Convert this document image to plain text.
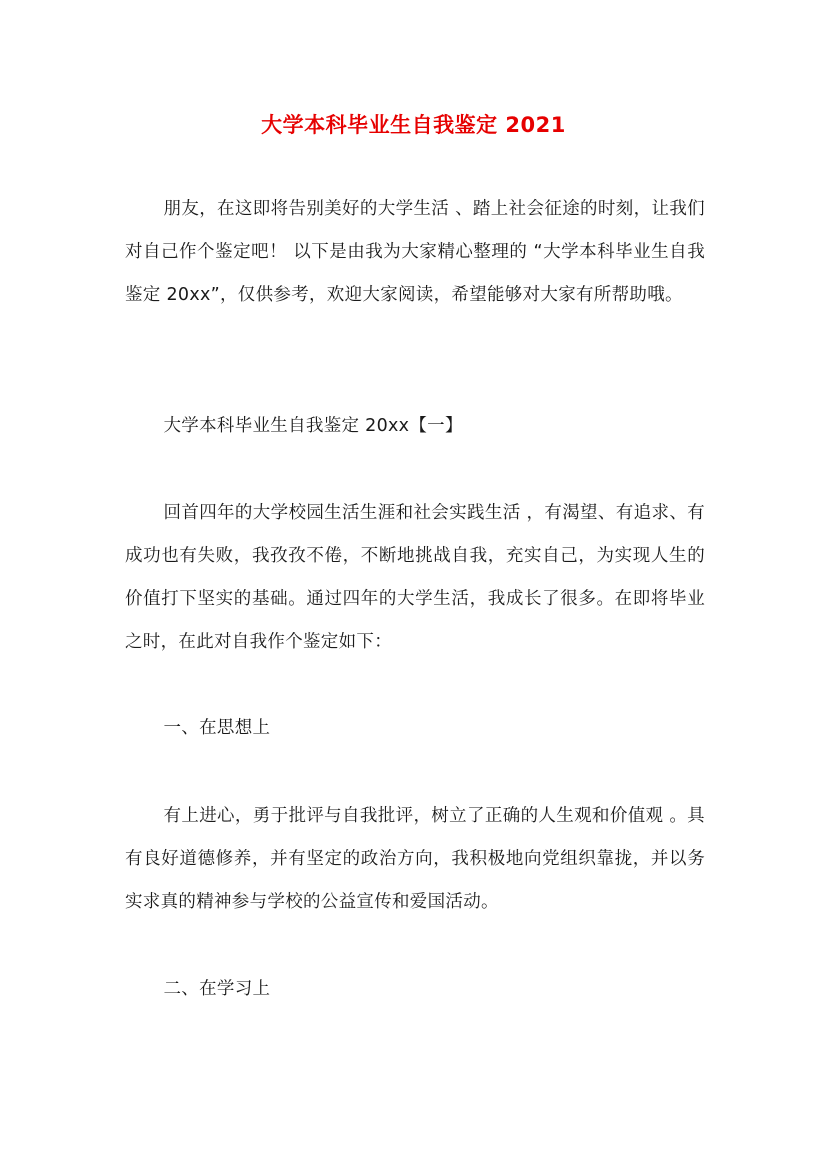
大学本科毕业生自我鉴定 2021

朋友，在这即将告别美好的大学生活 、踏上社会征途的时刻，让我们对自己作个鉴定吧！ 以下是由我为大家精心整理的 “大学本科毕业生自我鉴定 20xx”，仅供参考，欢迎大家阅读，希望能够对大家有所帮助哦。

大学本科毕业生自我鉴定 20xx【一】

回首四年的大学校园生活生涯和社会实践生活 ，有渴望、有追求、有成功也有失败，我孜孜不倦，不断地挑战自我，充实自己，为实现人生的价值打下坚实的基础。通过四年的大学生活，我成长了很多。在即将毕业之时，在此对自我作个鉴定如下：

一、在思想上

有上进心，勇于批评与自我批评，树立了正确的人生观和价值观 。具有良好道德修养，并有坚定的政治方向，我积极地向党组织靠拢，并以务实求真的精神参与学校的公益宣传和爱国活动。

二、在学习上
